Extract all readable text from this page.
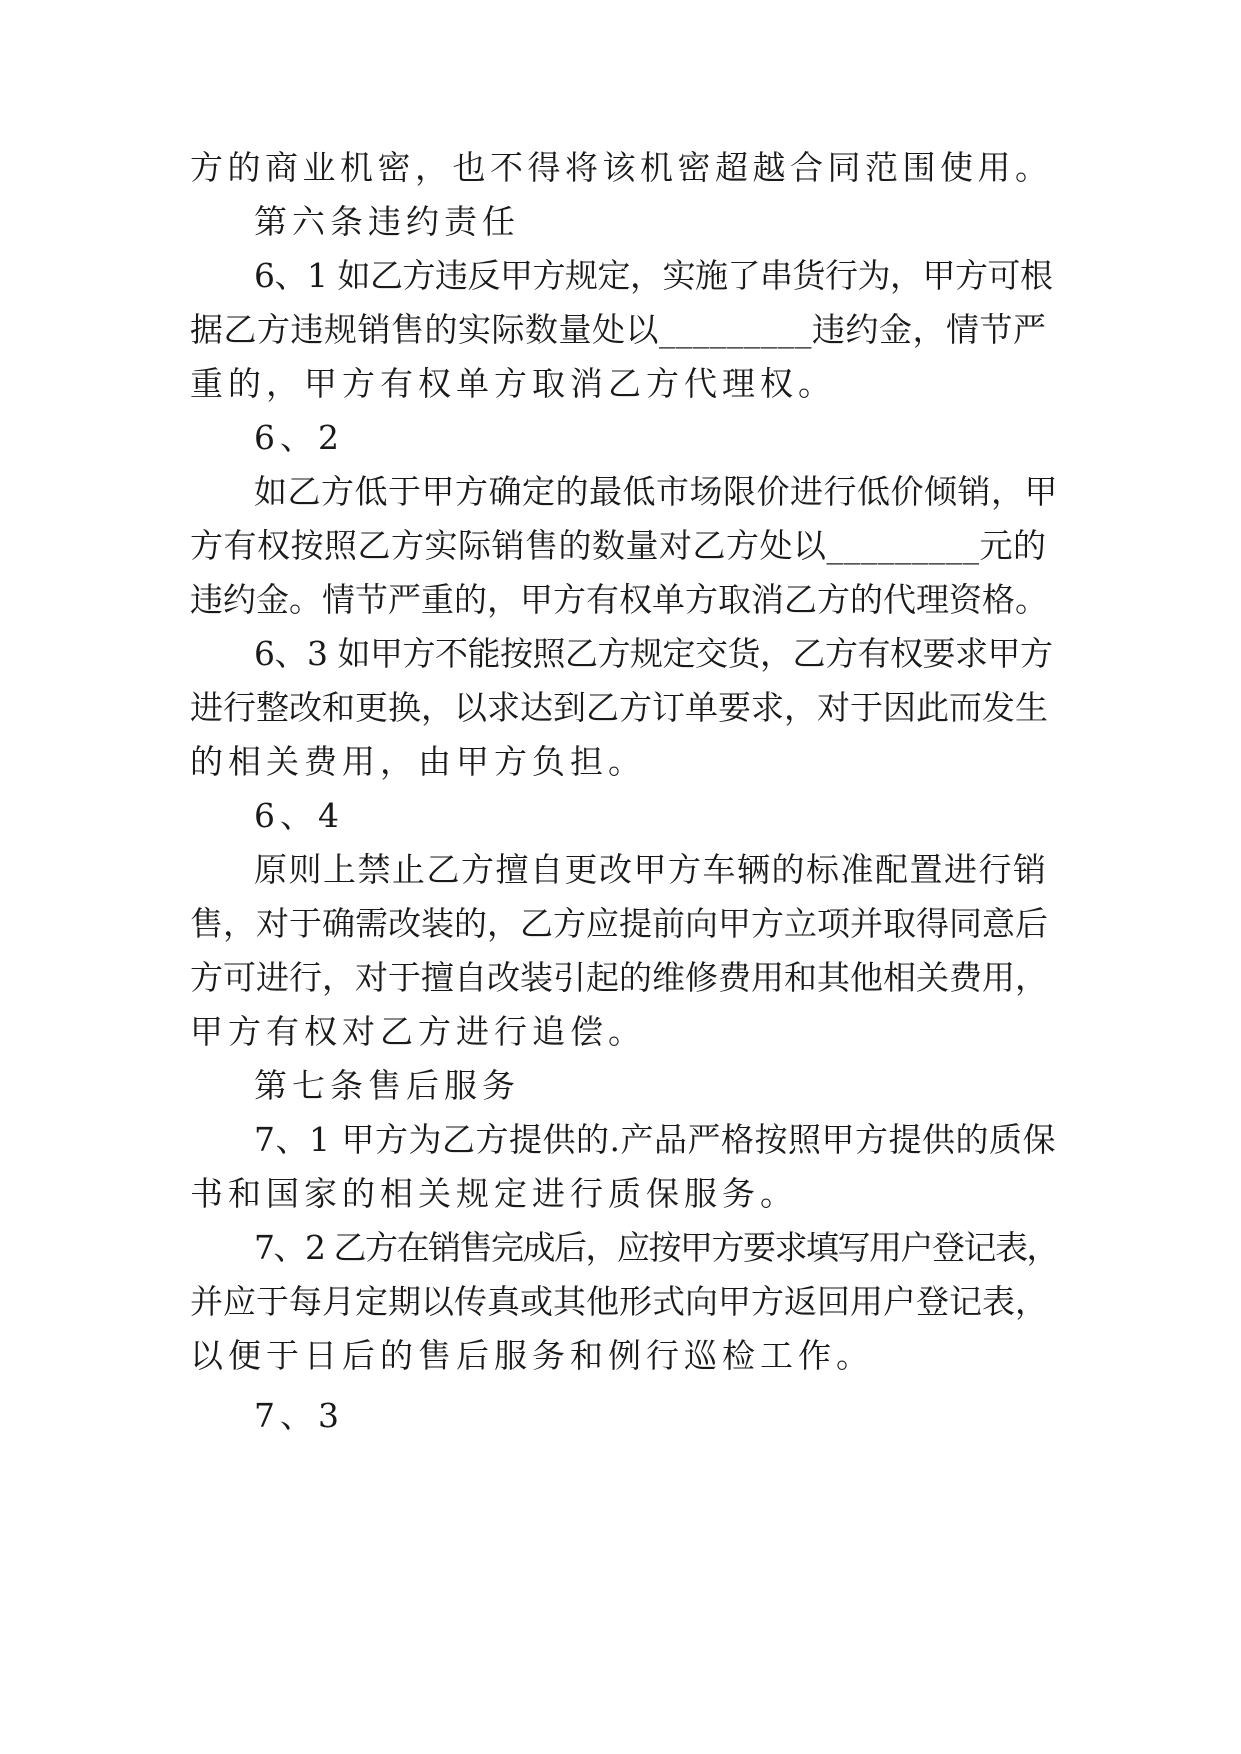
方的商业机密，也不得将该机密超越合同范围使用。
第六条违约责任
6、1 如乙方违反甲方规定，实施了串货行为，甲方可根
据乙方违规销售的实际数量处以_________违约金，情节严
重的，甲方有权单方取消乙方代理权。
6、2
如乙方低于甲方确定的最低市场限价进行低价倾销，甲
方有权按照乙方实际销售的数量对乙方处以_________元的
违约金。情节严重的，甲方有权单方取消乙方的代理资格。
6、3 如甲方不能按照乙方规定交货，乙方有权要求甲方
进行整改和更换，以求达到乙方订单要求，对于因此而发生
的相关费用，由甲方负担。
6、4
原则上禁止乙方擅自更改甲方车辆的标准配置进行销
售，对于确需改装的，乙方应提前向甲方立项并取得同意后
方可进行，对于擅自改装引起的维修费用和其他相关费用，
甲方有权对乙方进行追偿。
第七条售后服务
7、1 甲方为乙方提供的.产品严格按照甲方提供的质保
书和国家的相关规定进行质保服务。
7、2 乙方在销售完成后，应按甲方要求填写用户登记表，
并应于每月定期以传真或其他形式向甲方返回用户登记表，
以便于日后的售后服务和例行巡检工作。
7、3
